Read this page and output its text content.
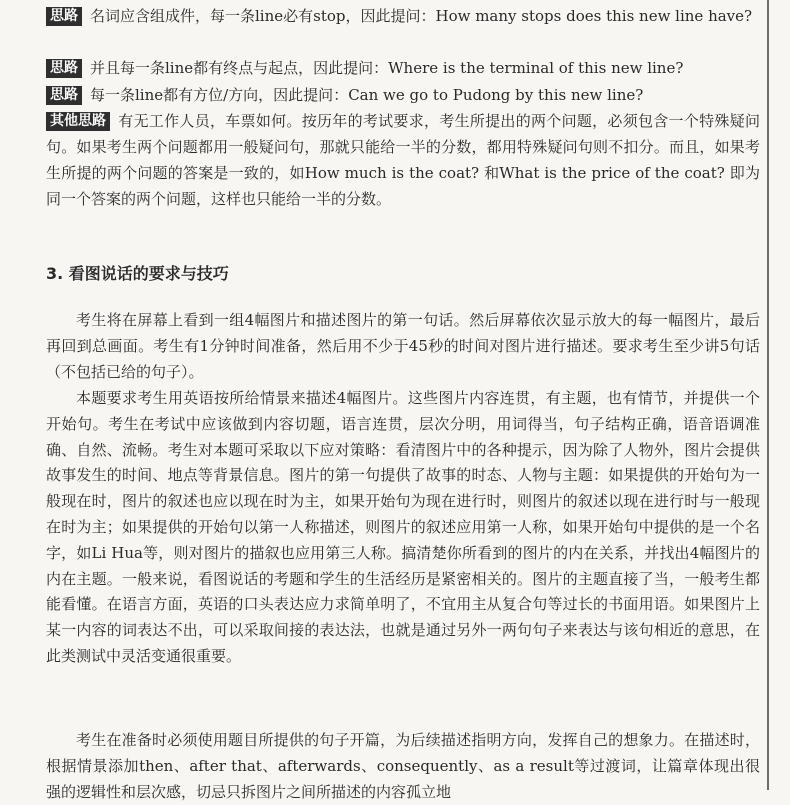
思路 名词应含组成件，每一条line必有stop，因此提问：How many stops does this new line have?

思路 并且每一条line都有终点与起点，因此提问：Where is the terminal of this new line?

思路 每一条line都有方位/方向，因此提问：Can we go to Pudong by this new line?

其他思路 有无工作人员，车票如何。按历年的考试要求，考生所提出的两个问题，必须包含一个特殊疑问句。如果考生两个问题都用一般疑问句，那就只能给一半的分数，都用特殊疑问句则不扣分。而且，如果考生所提的两个问题的答案是一致的，如How much is the coat? 和What is the price of the coat? 即为同一个答案的两个问题，这样也只能给一半的分数。

3. 看图说话的要求与技巧

考生将在屏幕上看到一组4幅图片和描述图片的第一句话。然后屏幕依次显示放大的每一幅图片，最后再回到总画面。考生有1分钟时间准备，然后用不少于45秒的时间对图片进行描述。要求考生至少讲5句话（不包括已给的句子）。

本题要求考生用英语按所给情景来描述4幅图片。这些图片内容连贯，有主题，也有情节，并提供一个开始句。考生在考试中应该做到内容切题，语言连贯，层次分明，用词得当，句子结构正确，语音语调准确、自然、流畅。考生对本题可采取以下应对策略：看清图片中的各种提示，因为除了人物外，图片会提供故事发生的时间、地点等背景信息。图片的第一句提供了故事的时态、人物与主题：如果提供的开始句为一般现在时，图片的叙述也应以现在时为主，如果开始句为现在进行时，则图片的叙述以现在进行时与一般现在时为主；如果提供的开始句以第一人称描述，则图片的叙述应用第一人称，如果开始句中提供的是一个名字，如Li Hua等，则对图片的描叙也应用第三人称。搞清楚你所看到的图片的内在关系，并找出4幅图片的内在主题。一般来说，看图说话的考题和学生的生活经历是紧密相关的。图片的主题直接了当，一般考生都能看懂。在语言方面，英语的口头表达应力求简单明了，不宜用主从复合句等过长的书面用语。如果图片上某一内容的词表达不出，可以采取间接的表达法，也就是通过另外一两句句子来表达与该句相近的意思，在此类测试中灵活变通很重要。

考生在准备时必须使用题目所提供的句子开篇，为后续描述指明方向，发挥自己的想象力。在描述时，根据情景添加then、after that、afterwards、consequently、as a result等过渡词，让篇章体现出很强的逻辑性和层次感，切忌只拆图片之间所描述的内容孤立地
